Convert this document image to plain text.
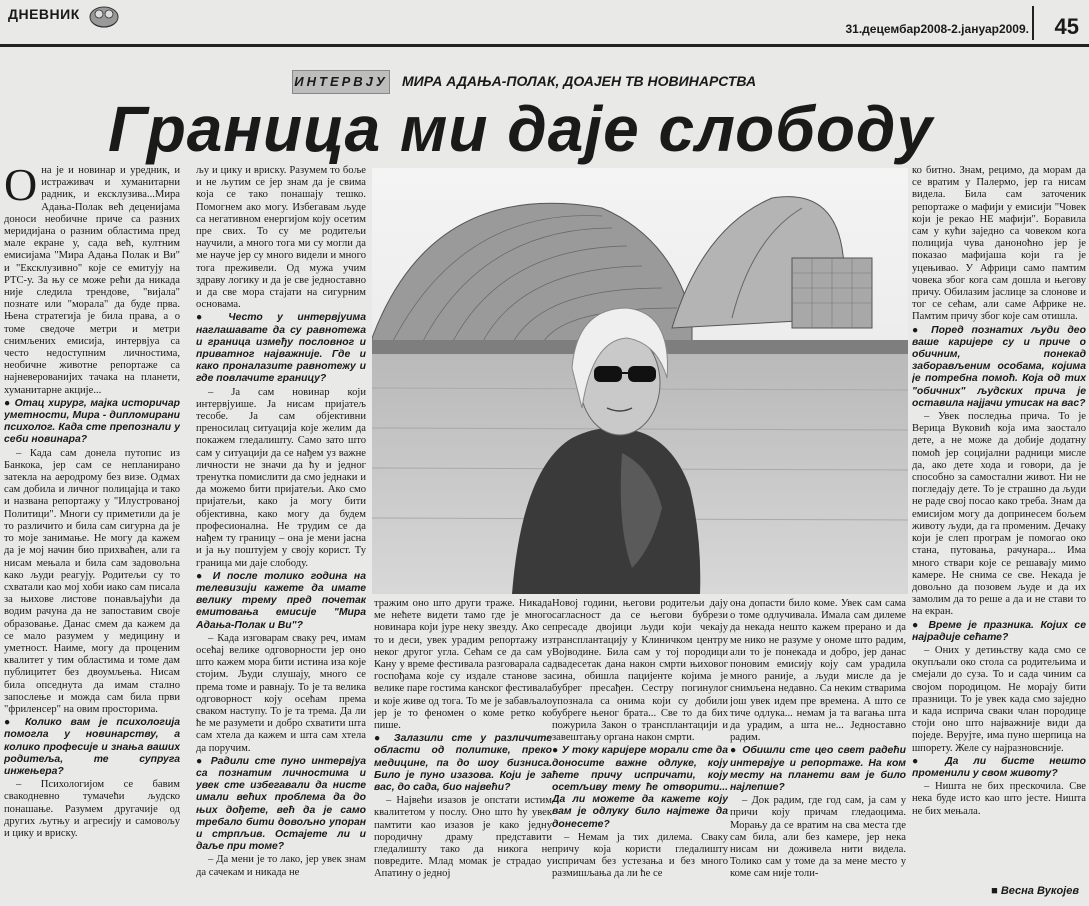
ДНЕВНИК
31.децембар2008-2.јануар2009. 45
ИНТЕРВЈУ МИРА АДАЊА-ПОЛАК, ДОАЈЕН ТВ НОВИНАРСТВА
Граница ми даје слободу

Она је и новинар и уредник, и истраживач и хуманитарни радник, и ексклузива...Мира Адања-Полак већ деценијама доноси необичне приче са разних меридијана о разним областима пред мале екране у, сада већ, култним емисијама "Мира Адања Полак и Ви" и "Ексклузивно" које се емитују на РТС-у. За њу се може рећи да никада није следила трендове, "вијала" познате или "морала" да буде прва. Њена стратегија је била права, а о томе сведоче метри и метри снимљених емисија, интервјуа са често недоступним личностима, необичне животне репортаже са најневерованијих тачака на планети, хуманитарне акције...

● Отац хирург, мајка историчар уметности, Мира - дипломирани психолог. Када сте препознали у себи новинара?

– Када сам донела путопис из Банкока, јер сам се непланирано затекла на аеродрому без визе. Одмах сам добила и личног полицајца и тако и названа репортажу у "Илустрованој Политици". Многи су приметили да је то различито и била сам сигурна да је то моје занимање. Не могу да кажем да је мој начин био прихваћен, али га нисам мењала и била сам задовољна како људи реагују. Родитељи су то схватали као мој хоби иако сам писала за њихове листове понављајући да водим рачуна да не запоставим своје образовање. Данас смем да кажем да се мало разумем у медицину и уметност. Наиме, могу да проценим квалитет у тим областима и томе дам публицитет без двоумљења. Нисам била опседнута да имам стално запослење и можда сам била први "фриленсер" на овим просторима.

● Колико вам је психологија помогла у новинарству, а колико професије и знања ваших родитеља, те супруга инжењера?

– Психологијом се бавим свакодневно тумачећи људско понашање. Разумем другачије од других љутњу и агресију и самовољу и цику и вриску.

љу и цику и вриску. Разумем то боље и не љутим се јер знам да је свима која се тако понашају тешко. Помогнем ако могу. Избегавам људе са негативном енергијом коју осетим пре свих. То су ме родитељи научили, а много тога ми су могли да ме науче јер су много видели и много тога преживели. Од мужа учим здраву логику и да је све једноставно и да све мора стајати на сигурним основама.

● Често у интервјуима наглашавате да су равнотежа и граница између пословног и приватног најважније. Где и како проналазите равнотежу и где повлачите границу?

– Ја сам новинар који интервјуише. Ја нисам пријатељ тесобе. Ја сам објективни преносилац ситуација које желим да покажем гледалишту. Само зато што сам у ситуацији да се нађем уз важне личности не значи да ћу и једног тренутка помислити да смо једнаки и да можемо бити пријатељи. Ако смо пријатељи, како ја могу бити објективна, како могу да будем професионална. Не трудим се да нађем ту границу – она је мени јасна и ја њу поштујем у своју корист. Ту граница ми даје слободу.

● И после толико година на телевизији кажете да имате велику трему пред почетак емитовања емисије "Мира Адања-Полак и Ви"?

– Када изговарам сваку реч, имам осећај велике одговорности јер оно што кажем мора бити истина иза које стојим. Људи слушају, много се према томе и равнају. То је та велика одговорност коју осећам према сваком наступу. То је та трема. Да ли ће ме разумети и добро схватити шта сам хтела да кажем и шта сам хтела да поручим.

● Радили сте пуно интервјуа са познатим личностима и увек сте избегавали да нисте имали већих проблема да до њих дођете, већ да је само требало бити довољно упоран и стрпљив. Остајете ли и даље при томе?

– Да мени је то лако, јер увек знам да сачекам и никада не

тражим оно што други траже. Никада ме нећете видети тамо где је много новинара који јуре неку звезду. Ако се то и деси, увек урадим репортажу из неког другог угла. Сећам се да сам у Кану у време фестивала разговарала са госпођама које су издале станове за велике паре гостима канског фестивала и које живе од тога. То ме је забављало јер је то феномен о коме ретко ко пише.

● Залазили сте у различите области од политике, преко медицине, па до шоу бизниса. Било је пуно изазова. Који је за вас, до сада, био највећи?

– Највећи изазов је опстати истим квалитетом у послу. Оно што ћу увек памтити као изазов је како једну породичну драму представити гледалишту тако да никога не повредите. Млад момак је страдао у Апатину о једној

Новој години, његови родитељи дају сагласност да се његови бубрези пресаде двојици људи који чекају трансплантацију у Клиничком центру Војводине. Била сам у тој породици двадесетак дана након смрти њиховог сина, обишла пацијенте којима је бубрег пресађен. Сестру погинулог упознала са онима који су добили бубреге њеног брата... Све то да бих пожурила Закон о трансплантацији и завештању органа након смрти.

● У току каријере морали сте да доносите важне одлуке, коју ћете причу испричати, коју осетљиву тему ће отворити... Да ли можете да кажете коју вам је одлуку било најтеже да донесете?

– Немам ја тих дилема. Сваку причу која користи гледалишту испричам без устезања и без много размишљања да ли ће се

она допасти било коме. Увек сам сама о томе одлучивала. Имала сам дилеме да некада нешто кажем прерано и да ме нико не разуме у ономе што радим, али то је понекада и добро, јер данас поновим емисију коју сам урадила много раније, а људи мисле да је снимљена недавно. Са неким стварима још увек идем пре времена. А што се тиче одлука... немам ја та вагања шта да урадим, а шта не... Једноставно радим.

● Обишли сте цео свет радећи интервјуе и репортаже. На ком месту на планети вам је било најлепше?

– Док радим, где год сам, ја сам у причи коју причам гледаоцима. Морању да се вратим на сва места где сам била, али без камере, јер нека нисам ни доживела нити видела. Толико сам у томе да за мене место у коме сам није толи-

ко битно. Знам, рецимо, да морам да се вратим у Палермо, јер га нисам видела. Била сам заточеник репортаже о мафији у емисији "Човек који је рекао НЕ мафији". Боравила сам у кући заједно са човеком кога полиција чува даноноћно јер је показао мафијаша који га је уцењивао. У Африци само памтим човека због кога сам дошла и његову причу. Обилазим јаслице за слонове и тог се сећам, али саме Африке не. Памтим причу због које сам отишла.

● Поред познатих људи део ваше каријере су и приче о обичним, понекад заборављеним особама, којима је потребна помоћ. Која од тих "обичних" људских прича је оставила најјачи утисак на вас?

– Увек последња прича. То је Верица Вуковић која има заостало дете, а не може да добије додатну помоћ јер социјални радници мисле да, ако дете хода и говори, да је способно за самостални живот. Ни не погледају дете. То је страшно да људи не раде свој посао како треба. Знам да емисијом могу да допринесем бољем животу људи, да га променим. Дечаку који је слеп програм је помогао око стана, путовања, рачунара... Има много ствари које се решавају мимо камере. Не снима се све. Некада је довољно да позовем људе и да их замолим да то реше а да и не стави то на екран.

● Време је празника. Којих се најрадије сећате?

– Оних у детињству када смо се окупљали око стола са родитељима и смејали до суза. То и сада чиним са својом породицом. Не морају бити празници. То је увек када смо заједно и када исприча сваки члан породице стоји оно што најважније види да поједе. Верујте, има пуно шерпица на шпорету. Желе су најразновсније.

● Да ли бисте нешто променили у свом животу?

– Ништа не бих прескочила. Све нека буде исто као што јесте. Ништа не бих мењала.

■ Весна Вукојев
